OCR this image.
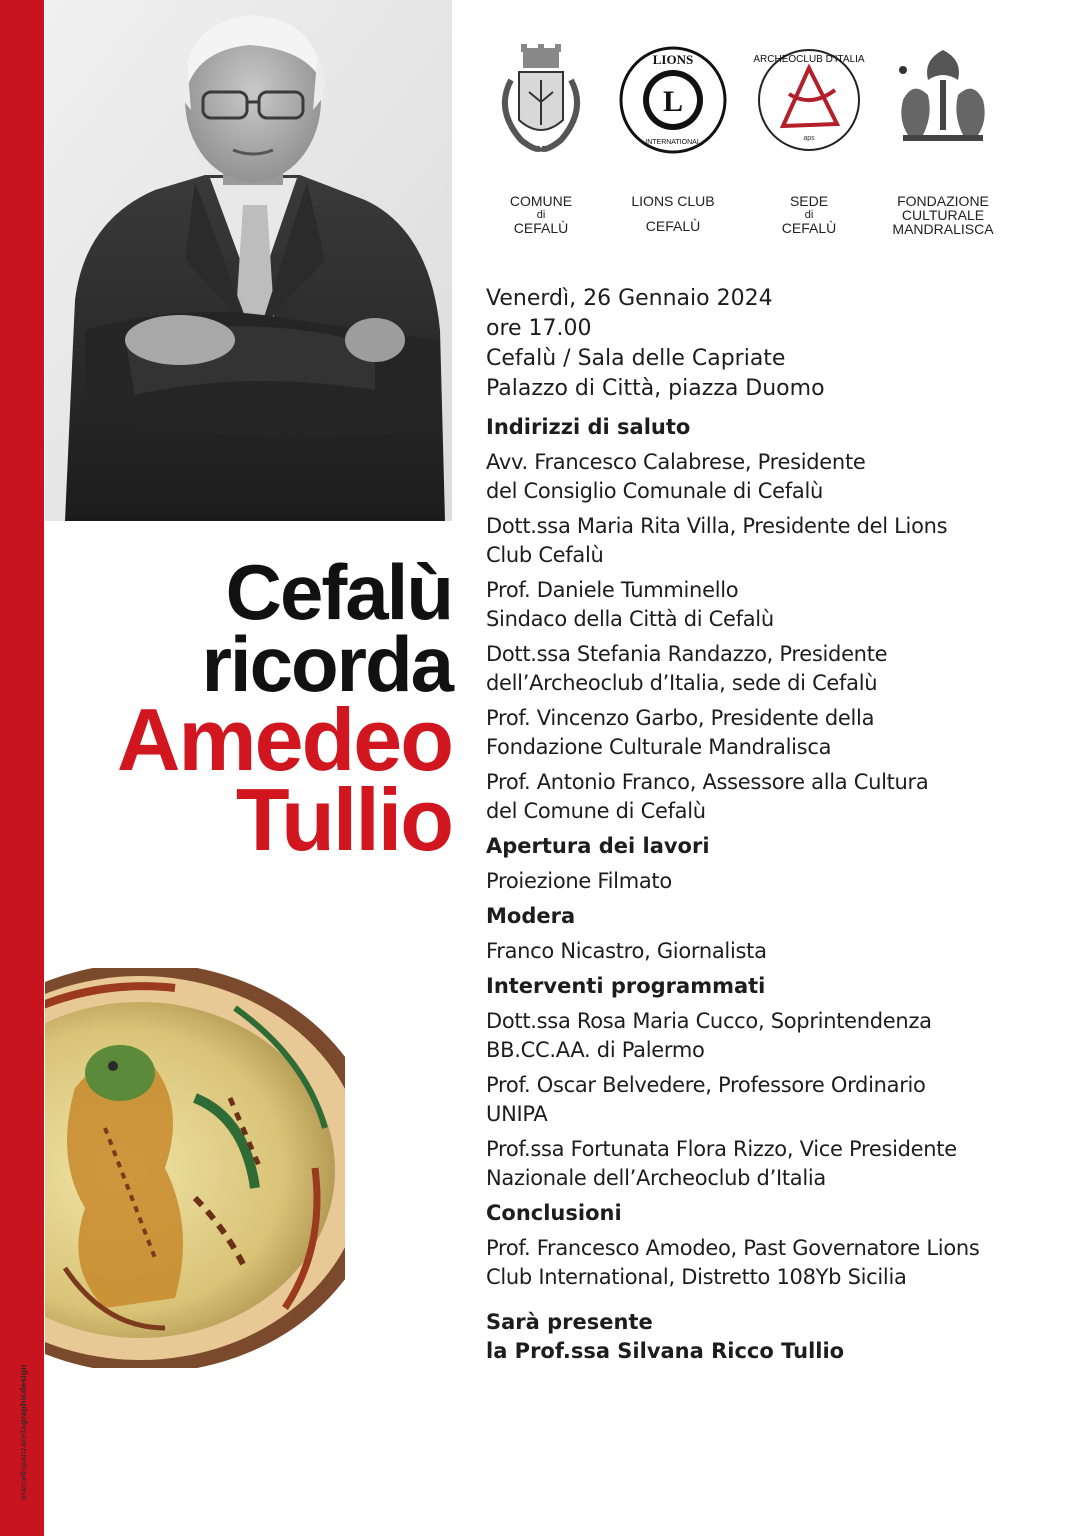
marcellopanzarellagraphicdesign
Cefalù
ricorda
Amedeo
Tullio
COMUNE
di
CEFALÙ
L
LIONS
INTERNATIONAL
LIONS CLUB
CEFALÙ
ARCHEOCLUB D'ITALIA
aps
SEDE
di
CEFALÙ
FONDAZIONE
CULTURALE
MANDRALISCA
Venerdì, 26 Gennaio 2024
ore 17.00
Cefalù / Sala delle Capriate
Palazzo di Città, piazza Duomo
Indirizzi di saluto
Avv. Francesco Calabrese, Presidente
del Consiglio Comunale di Cefalù
Dott.ssa Maria Rita Villa, Presidente del Lions
Club Cefalù
Prof. Daniele Tumminello
Sindaco della Città di Cefalù
Dott.ssa Stefania Randazzo, Presidente
dell’Archeoclub d’Italia, sede di Cefalù
Prof. Vincenzo Garbo, Presidente della
Fondazione Culturale Mandralisca
Prof. Antonio Franco, Assessore alla Cultura
del Comune di Cefalù
Apertura dei lavori
Proiezione Filmato
Modera
Franco Nicastro, Giornalista
Interventi programmati
Dott.ssa Rosa Maria Cucco, Soprintendenza
BB.CC.AA. di Palermo
Prof. Oscar Belvedere, Professore Ordinario
UNIPA
Prof.ssa Fortunata Flora Rizzo, Vice Presidente
Nazionale dell’Archeoclub d’Italia
Conclusioni
Prof. Francesco Amodeo, Past Governatore Lions
Club International, Distretto 108Yb Sicilia
Sarà presente
la Prof.ssa Silvana Ricco Tullio
